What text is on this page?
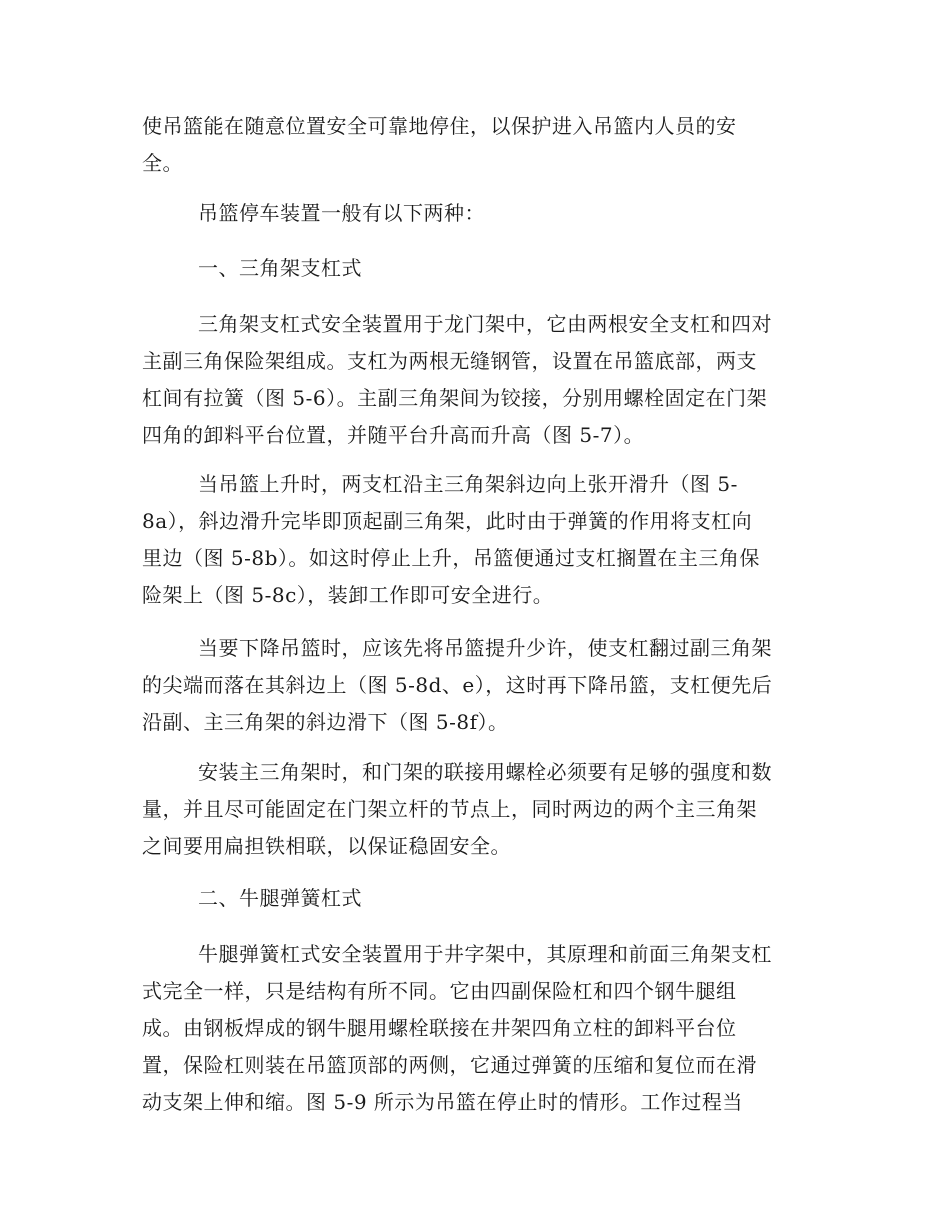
使吊篮能在随意位置安全可靠地停住，以保护进入吊篮内人员的安
全。
吊篮停车装置一般有以下两种：
一、三角架支杠式
三角架支杠式安全装置用于龙门架中，它由两根安全支杠和四对
主副三角保险架组成。支杠为两根无缝钢管，设置在吊篮底部，两支
杠间有拉簧（图 5-6）。主副三角架间为铰接，分别用螺栓固定在门架
四角的卸料平台位置，并随平台升高而升高（图 5-7）。
当吊篮上升时，两支杠沿主三角架斜边向上张开滑升（图 5-
8a），斜边滑升完毕即顶起副三角架，此时由于弹簧的作用将支杠向
里边（图 5-8b）。如这时停止上升，吊篮便通过支杠搁置在主三角保
险架上（图 5-8c），装卸工作即可安全进行。
当要下降吊篮时，应该先将吊篮提升少许，使支杠翻过副三角架
的尖端而落在其斜边上（图 5-8d、e），这时再下降吊篮，支杠便先后
沿副、主三角架的斜边滑下（图 5-8f）。
安装主三角架时，和门架的联接用螺栓必须要有足够的强度和数
量，并且尽可能固定在门架立杆的节点上，同时两边的两个主三角架
之间要用扁担铁相联，以保证稳固安全。
二、牛腿弹簧杠式
牛腿弹簧杠式安全装置用于井字架中，其原理和前面三角架支杠
式完全一样，只是结构有所不同。它由四副保险杠和四个钢牛腿组
成。由钢板焊成的钢牛腿用螺栓联接在井架四角立柱的卸料平台位
置，保险杠则装在吊篮顶部的两侧，它通过弹簧的压缩和复位而在滑
动支架上伸和缩。图 5-9 所示为吊篮在停止时的情形。工作过程当
